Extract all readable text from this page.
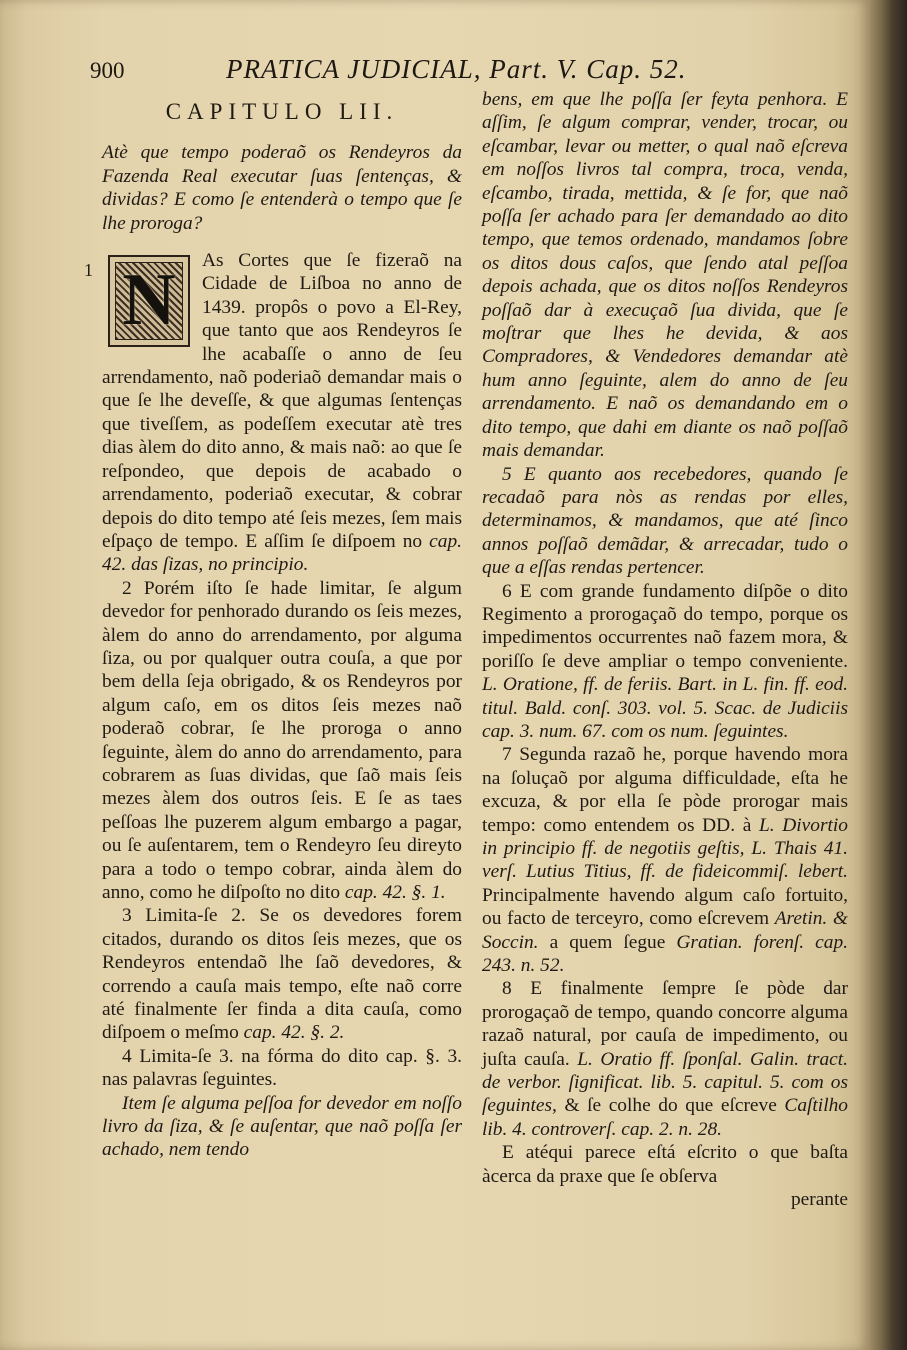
900	PRATICA JUDICIAL, Part. V. Cap. 52.
CAPITULO LII.

Atè que tempo poderaõ os Rendeyros da Fazenda Real executar ſuas ſentenças, & dividas? E como ſe entenderà o tempo que ſe lhe proroga?

1 N	As Cortes que ſe fizeraõ na Cidade de Liſboa no anno de 1439. propôs o povo a El-Rey, que tanto que aos Rendeyros ſe lhe acabaſſe o anno de ſeu arrendamento, naõ poderiaõ demandar mais o que ſe lhe deveſſe, & que algumas ſentenças que tiveſſem, as podeſſem executar atè tres dias àlem do dito anno, & mais naõ: ao que ſe reſpondeo, que depois de acabado o arrendamento, poderiaõ executar, & cobrar depois do dito tempo até ſeis mezes, ſem mais eſpaço de tempo. E aſſim ſe diſpoem no cap. 42. das ſizas, no principio.

2 Porém iſto ſe hade limitar, ſe algum devedor for penhorado durando os ſeis mezes, àlem do anno do arrendamento, por alguma ſiza, ou por qualquer outra couſa, a que por bem della ſeja obrigado, & os Rendeyros por algum caſo, em os ditos ſeis mezes naõ poderaõ cobrar, ſe lhe proroga o anno ſeguinte, àlem do anno do arrendamento, para cobrarem as ſuas dividas, que ſaõ mais ſeis mezes àlem dos outros ſeis. E ſe as taes peſſoas lhe puzerem algum embargo a pagar, ou ſe auſentarem, tem o Rendeyro ſeu direyto para a todo o tempo cobrar, ainda àlem do anno, como he diſpoſto no dito cap. 42. §. 1.

3 Limita-ſe 2. Se os devedores forem citados, durando os ditos ſeis mezes, que os Rendeyros entendaõ lhe ſaõ devedores, & correndo a cauſa mais tempo, eſte naõ corre até finalmente ſer finda a dita cauſa, como diſpoem o meſmo cap. 42. §. 2.

4 Limita-ſe 3. na fórma do dito cap. §. 3. nas palavras ſeguintes.

Item ſe alguma peſſoa for devedor em noſſo livro da ſiza, & ſe auſentar, que naõ poſſa ſer achado, nem tendo

bens, em que lhe poſſa ſer feyta penhora. E aſſim, ſe algum comprar, vender, trocar, ou eſcambar, levar ou metter, o qual naõ eſcreva em noſſos livros tal compra, troca, venda, eſcambo, tirada, mettida, & ſe for, que naõ poſſa ſer achado para ſer demandado ao dito tempo, que temos ordenado, mandamos ſobre os ditos dous caſos, que ſendo atal peſſoa depois achada, que os ditos noſſos Rendeyros poſſaõ dar à execuçaõ ſua divida, que ſe moſtrar que lhes he devida, & aos Compradores, & Vendedores demandar atè hum anno ſeguinte, alem do anno de ſeu arrendamento. E naõ os demandando em o dito tempo, que dahi em diante os naõ poſſaõ mais demandar.

5 E quanto aos recebedores, quando ſe recadaõ para nòs as rendas por elles, determinamos, & mandamos, que até ſinco annos poſſaõ demãdar, & arrecadar, tudo o que a eſſas rendas pertencer.

6 E com grande fundamento diſpõe o dito Regimento a prorogaçaõ do tempo, porque os impedimentos occurrentes naõ fazem mora, & poriſſo ſe deve ampliar o tempo conveniente. L. Oratione, ff. de feriis. Bart. in L. fin. ff. eod. titul. Bald. conſ. 303. vol. 5. Scac. de Judiciis cap. 3. num. 67. com os num. ſeguintes.

7 Segunda razaõ he, porque havendo mora na ſoluçaõ por alguma difficuldade, eſta he excuza, & por ella ſe pòde prorogar mais tempo: como entendem os DD. à L. Divortio in principio ff. de negotiis geſtis, L. Thais 41. verſ. Lutius Titius, ff. de fideicommiſ. lebert. Principalmente havendo algum caſo fortuito, ou facto de terceyro, como eſcrevem Aretin. & Soccin. a quem ſegue Gratian. forenſ. cap. 243. n. 52.

8 E finalmente ſempre ſe pòde dar prorogaçaõ de tempo, quando concorre alguma razaõ natural, por cauſa de impedimento, ou juſta cauſa. L. Oratio ff. ſponſal. Galin. tract. de verbor. ſignificat. lib. 5. capitul. 5. com os ſeguintes, & ſe colhe do que eſcreve Caſtilho lib. 4. controverſ. cap. 2. n. 28.

E atéqui parece eſtá eſcrito o que baſta àcerca da praxe que ſe obſerva

perante
